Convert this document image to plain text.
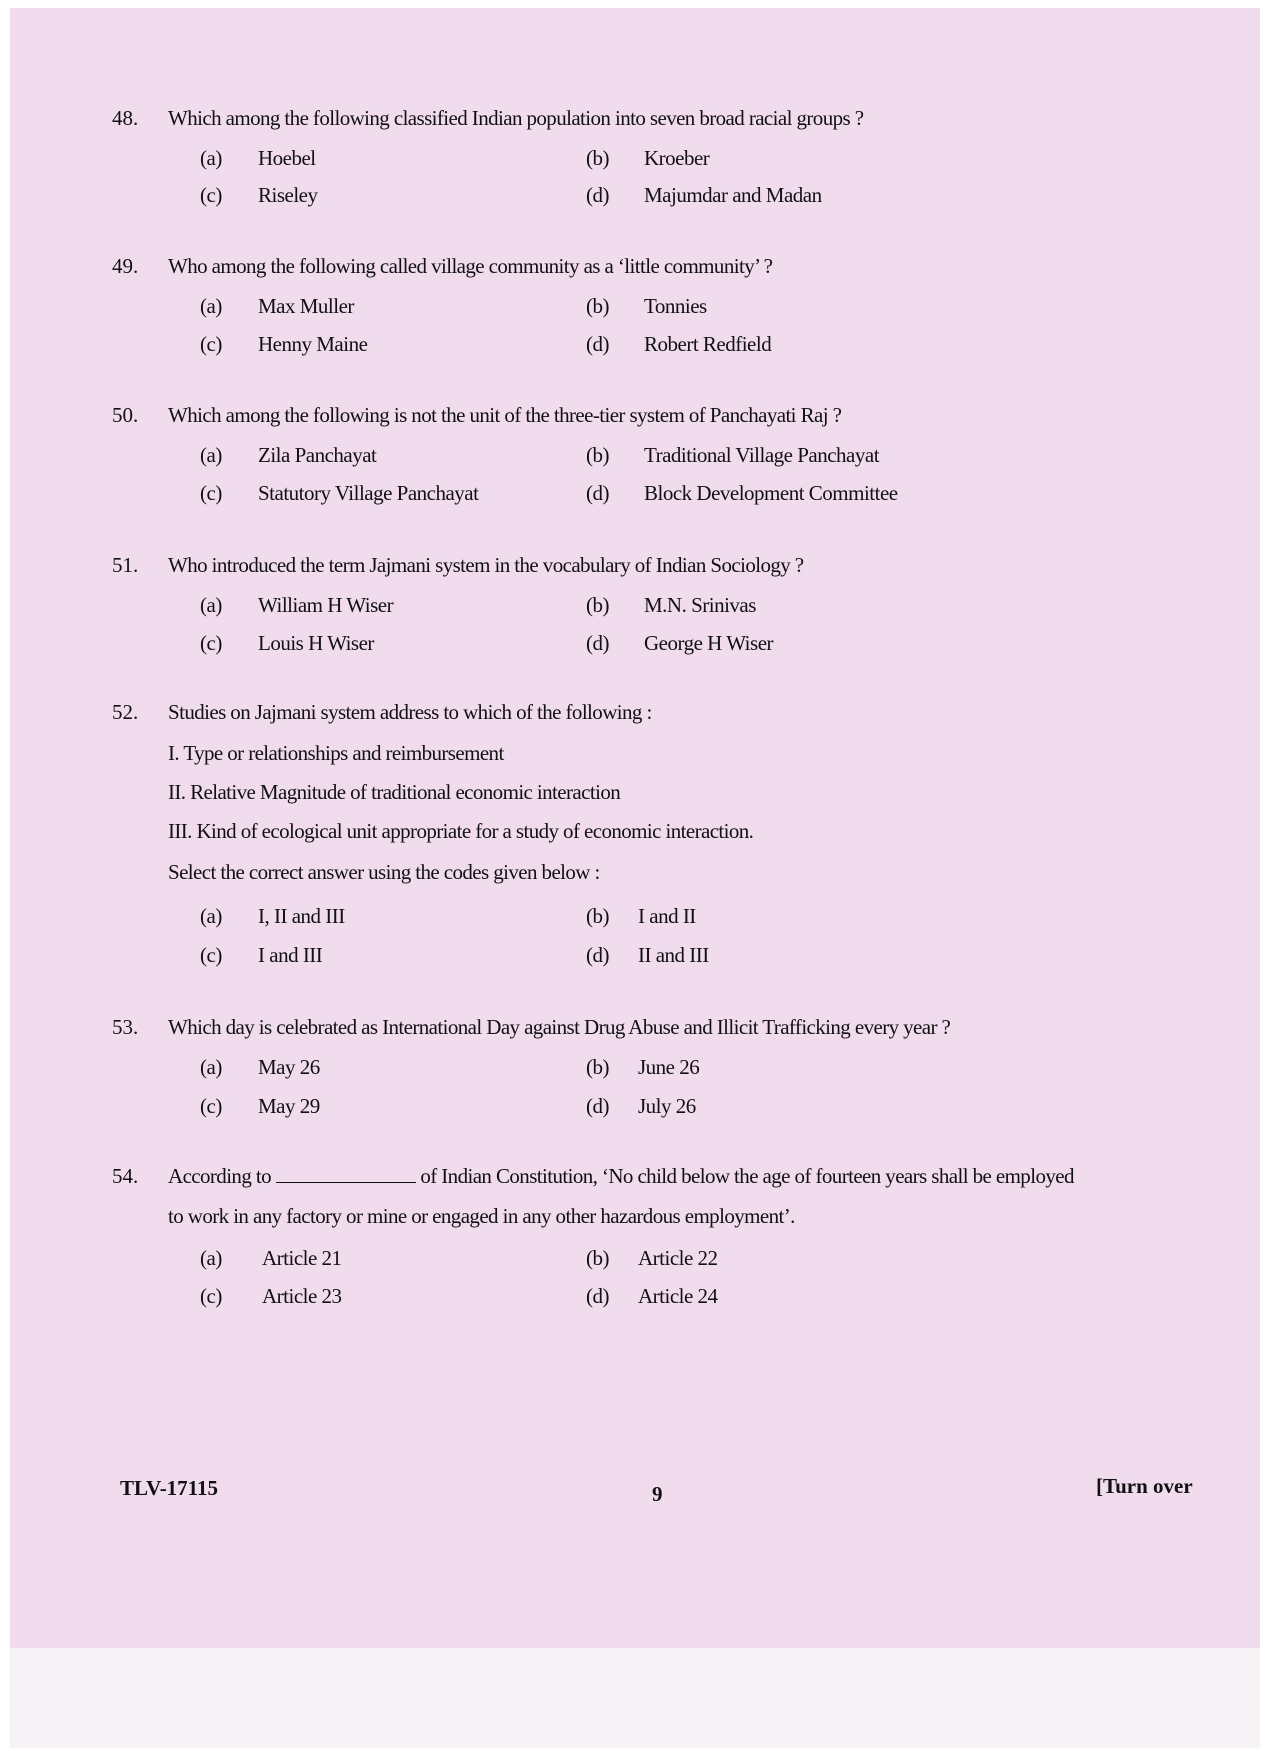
48. Which among the following classified Indian population into seven broad racial groups ?
(a) Hoebel	(b) Kroeber
(c) Riseley	(d) Majumdar and Madan
49. Who among the following called village community as a ‘little community’ ?
(a) Max Muller	(b) Tonnies
(c) Henny Maine	(d) Robert Redfield
50. Which among the following is not the unit of the three-tier system of Panchayati Raj ?
(a) Zila Panchayat	(b) Traditional Village Panchayat
(c) Statutory Village Panchayat	(d) Block Development Committee
51. Who introduced the term Jajmani system in the vocabulary of Indian Sociology ?
(a) William H Wiser	(b) M.N. Srinivas
(c) Louis H Wiser	(d) George H Wiser
52. Studies on Jajmani system address to which of the following :
I. Type or relationships and reimbursement
II. Relative Magnitude of traditional economic interaction
III. Kind of ecological unit appropriate for a study of economic interaction.
Select the correct answer using the codes given below :
(a) I, II and III	(b) I and II
(c) I and III	(d) II and III
53. Which day is celebrated as International Day against Drug Abuse and Illicit Trafficking every year ?
(a) May 26	(b) June 26
(c) May 29	(d) July 26
54. According to	of Indian Constitution, ‘No child below the age of fourteen years shall be employed
to work in any factory or mine or engaged in any other hazardous employment’.
(a) Article 21	(b) Article 22
(c) Article 23	(d) Article 24
TLV-17115	9	[Turn over
